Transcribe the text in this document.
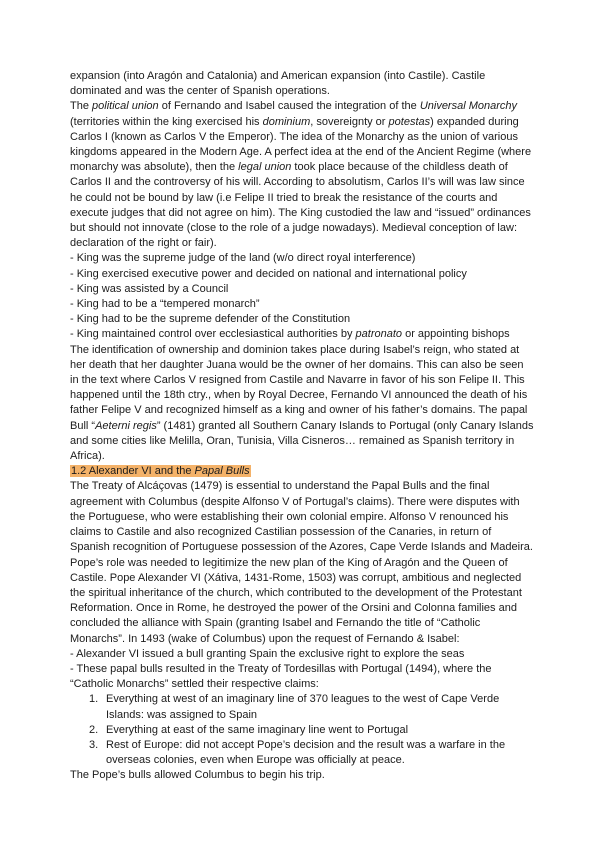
expansion (into Aragón and Catalonia) and American expansion (into Castile). Castile dominated and was the center of Spanish operations.
The political union of Fernando and Isabel caused the integration of the Universal Monarchy (territories within the king exercised his dominium, sovereignty or potestas) expanded during Carlos I (known as Carlos V the Emperor). The idea of the Monarchy as the union of various kingdoms appeared in the Modern Age. A perfect idea at the end of the Ancient Regime (where monarchy was absolute), then the legal union took place because of the childless death of Carlos II and the controversy of his will. According to absolutism, Carlos II’s will was law since he could not be bound by law (i.e Felipe II tried to break the resistance of the courts and execute judges that did not agree on him). The King custodied the law and “issued” ordinances but should not innovate (close to the role of a judge nowadays). Medieval conception of law: declaration of the right or fair).
- King was the supreme judge of the land (w/o direct royal interference)
- King exercised executive power and decided on national and international policy
- King was assisted by a Council
- King had to be a “tempered monarch”
- King had to be the supreme defender of the Constitution
- King maintained control over ecclesiastical authorities by patronato or appointing bishops
The identification of ownership and dominion takes place during Isabel’s reign, who stated at her death that her daughter Juana would be the owner of her domains. This can also be seen in the text where Carlos V resigned from Castile and Navarre in favor of his son Felipe II. This happened until the 18th ctry., when by Royal Decree, Fernando VI announced the death of his father Felipe V and recognized himself as a king and owner of his father’s domains. The papal Bull “Aeterni regis” (1481) granted all Southern Canary Islands to Portugal (only Canary Islands and some cities like Melilla, Oran, Tunisia, Villa Cisneros… remained as Spanish territory in Africa).
1.2 Alexander VI and the Papal Bulls
The Treaty of Alcáçovas (1479) is essential to understand the Papal Bulls and the final agreement with Columbus (despite Alfonso V of Portugal’s claims). There were disputes with the Portuguese, who were establishing their own colonial empire. Alfonso V renounced his claims to Castile and also recognized Castilian possession of the Canaries, in return of Spanish recognition of Portuguese possession of the Azores, Cape Verde Islands and Madeira. Pope’s role was needed to legitimize the new plan of the King of Aragón and the Queen of Castile. Pope Alexander VI (Xátiva, 1431-Rome, 1503) was corrupt, ambitious and neglected the spiritual inheritance of the church, which contributed to the development of the Protestant Reformation. Once in Rome, he destroyed the power of the Orsini and Colonna families and concluded the alliance with Spain (granting Isabel and Fernando the title of “Catholic Monarchs”. In 1493 (wake of Columbus) upon the request of Fernando & Isabel:
- Alexander VI issued a bull granting Spain the exclusive right to explore the seas
- These papal bulls resulted in the Treaty of Tordesillas with Portugal (1494), where the “Catholic Monarchs” settled their respective claims:
1. Everything at west of an imaginary line of 370 leagues to the west of Cape Verde Islands: was assigned to Spain
2. Everything at east of the same imaginary line went to Portugal
3. Rest of Europe: did not accept Pope’s decision and the result was a warfare in the overseas colonies, even when Europe was officially at peace.
The Pope’s bulls allowed Columbus to begin his trip.
